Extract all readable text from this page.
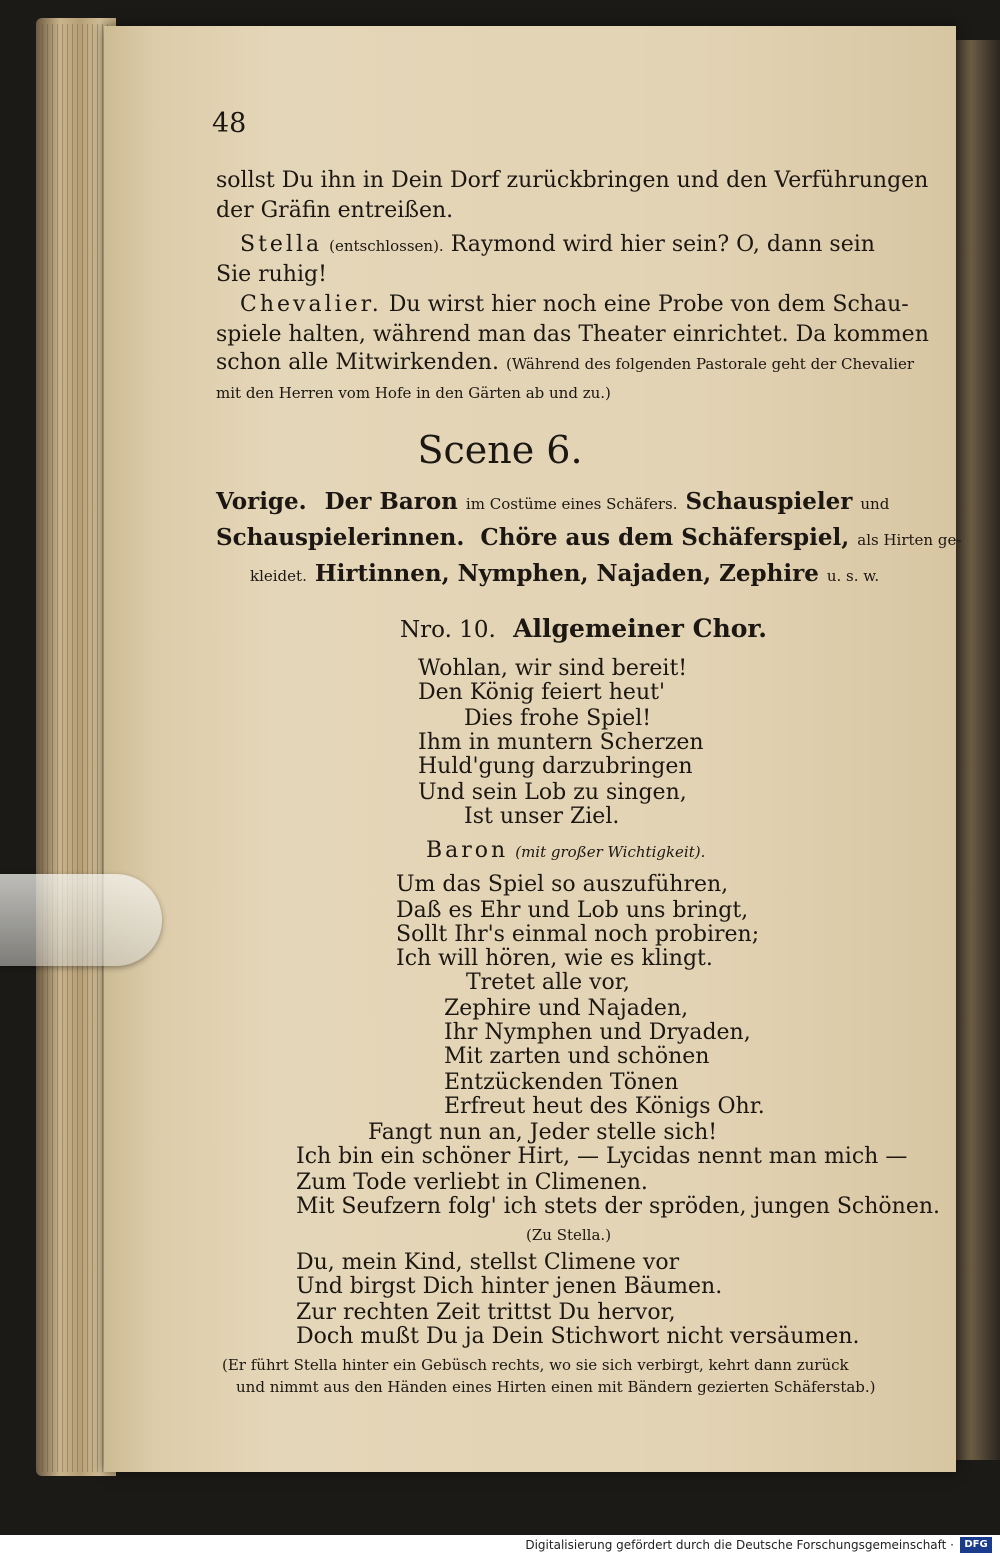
48
sollst Du ihn in Dein Dorf zurückbringen und den Verführungen
der Gräfin entreißen.
Stella (entschlossen). Raymond wird hier sein? O, dann sein
Sie ruhig!
Chevalier. Du wirst hier noch eine Probe von dem Schau-
spiele halten, während man das Theater einrichtet. Da kommen
schon alle Mitwirkenden. (Während des folgenden Pastorale geht der Chevalier
mit den Herren vom Hofe in den Gärten ab und zu.)
Scene 6.
Vorige. Der Baron im Costüme eines Schäfers. Schauspieler und
Schauspielerinnen. Chöre aus dem Schäferspiel, als Hirten ge-
kleidet. Hirtinnen, Nymphen, Najaden, Zephire u. s. w.
Nro. 10. Allgemeiner Chor.
Wohlan, wir sind bereit!
Den König feiert heut'
Dies frohe Spiel!
Ihm in muntern Scherzen
Huld'gung darzubringen
Und sein Lob zu singen,
Ist unser Ziel.
Baron (mit großer Wichtigkeit).
Um das Spiel so auszuführen,
Daß es Ehr und Lob uns bringt,
Sollt Ihr's einmal noch probiren;
Ich will hören, wie es klingt.
Tretet alle vor,
Zephire und Najaden,
Ihr Nymphen und Dryaden,
Mit zarten und schönen
Entzückenden Tönen
Erfreut heut des Königs Ohr.
Fangt nun an, Jeder stelle sich!
Ich bin ein schöner Hirt, — Lycidas nennt man mich —
Zum Tode verliebt in Climenen.
Mit Seufzern folg' ich stets der spröden, jungen Schönen.
(Zu Stella.)
Du, mein Kind, stellst Climene vor
Und birgst Dich hinter jenen Bäumen.
Zur rechten Zeit trittst Du hervor,
Doch mußt Du ja Dein Stichwort nicht versäumen.
(Er führt Stella hinter ein Gebüsch rechts, wo sie sich verbirgt, kehrt dann zurück
und nimmt aus den Händen eines Hirten einen mit Bändern gezierten Schäferstab.)
Digitalisierung gefördert durch die Deutsche Forschungsgemeinschaft ·	DFG
